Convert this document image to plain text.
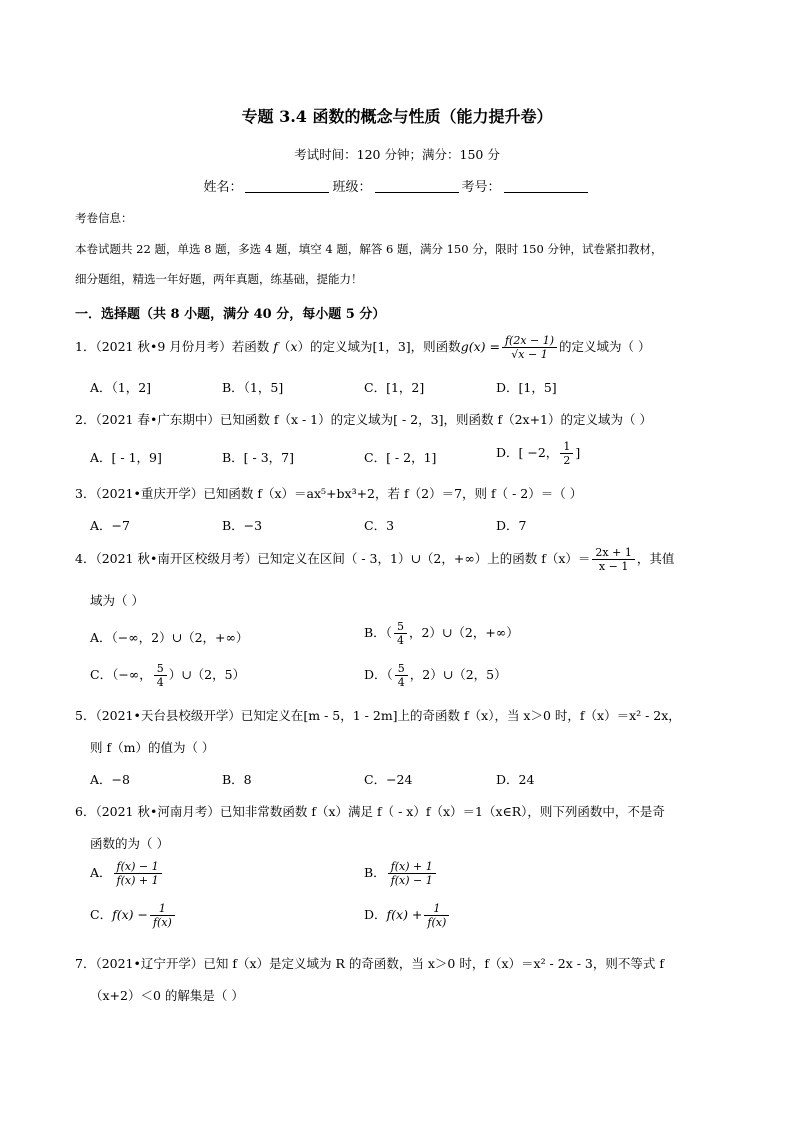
专题 3.4 函数的概念与性质（能力提升卷）
考试时间：120 分钟；满分：150 分
姓名：	班级：	考号：
考卷信息：
本卷试题共 22 题，单选 8 题，多选 4 题，填空 4 题，解答 6 题，满分 150 分，限时 150 分钟，试卷紧扣教材，
细分题组，精选一年好题，两年真题，练基础，提能力！
一．选择题（共 8 小题，满分 40 分，每小题 5 分）
1．（2021 秋•9 月份月考）若函数 f（x）的定义域为[1，3]，则函数$g(x) = \frac{f(2x - 1)}{√x - 1}$ 的定义域为（ ）
A．（1，2]	B．（1，5]	C．[1，2]	D．[1，5]
2．（2021 春•广东期中）已知函数 f（x - 1）的定义域为[ - 2，3]，则函数 f（2x+1）的定义域为（ ）
A．[ - 1，9]	B．[ - 3，7]	C．[ - 2，1]	D．[ −2， $\frac{1}{2}$ ]
3．（2021•重庆开学）已知函数 f（x）＝ax⁵+bx³+2，若 f（2）＝7，则 f（ - 2）＝（ ）
A．−7	B．−3	C．3	D．7
4．（2021 秋•南开区校级月考）已知定义在区间（ - 3，1）∪（2，+∞）上的函数 $f(x)= \frac{2x + 1}{x - 1}$ ，其值
域为（ ）
A．（−∞，2）∪（2，+∞）	B．（ $\frac{5}{4}$ ，2）∪（2，+∞）
C．（−∞， $\frac{5}{4}$ ）∪（2，5）	D．（ $\frac{5}{4}$ ，2）∪（2，5）
5．（2021•天台县校级开学）已知定义在[m - 5，1 - 2m]上的奇函数 f（x），当 x＞0 时，f（x）＝x² - 2x，
则 f（m）的值为（ ）
A．−8	B．8	C．−24	D．24
6．（2021 秋•河南月考）已知非常数函数 f（x）满足 f（ - x）f（x）＝1（x∈R），则下列函数中，不是奇
函数的为（ ）
A． $\frac{f(x) - 1}{f(x) + 1}$	B． $\frac{f(x) + 1}{f(x) - 1}$
C．$f(x) - \frac{1}{f(x)}$	D．$f(x) + \frac{1}{f(x)}$
7．（2021•辽宁开学）已知 f（x）是定义域为 R 的奇函数，当 x＞0 时，f（x）＝x² - 2x - 3，则不等式 f
（x+2）＜0 的解集是（ ）
